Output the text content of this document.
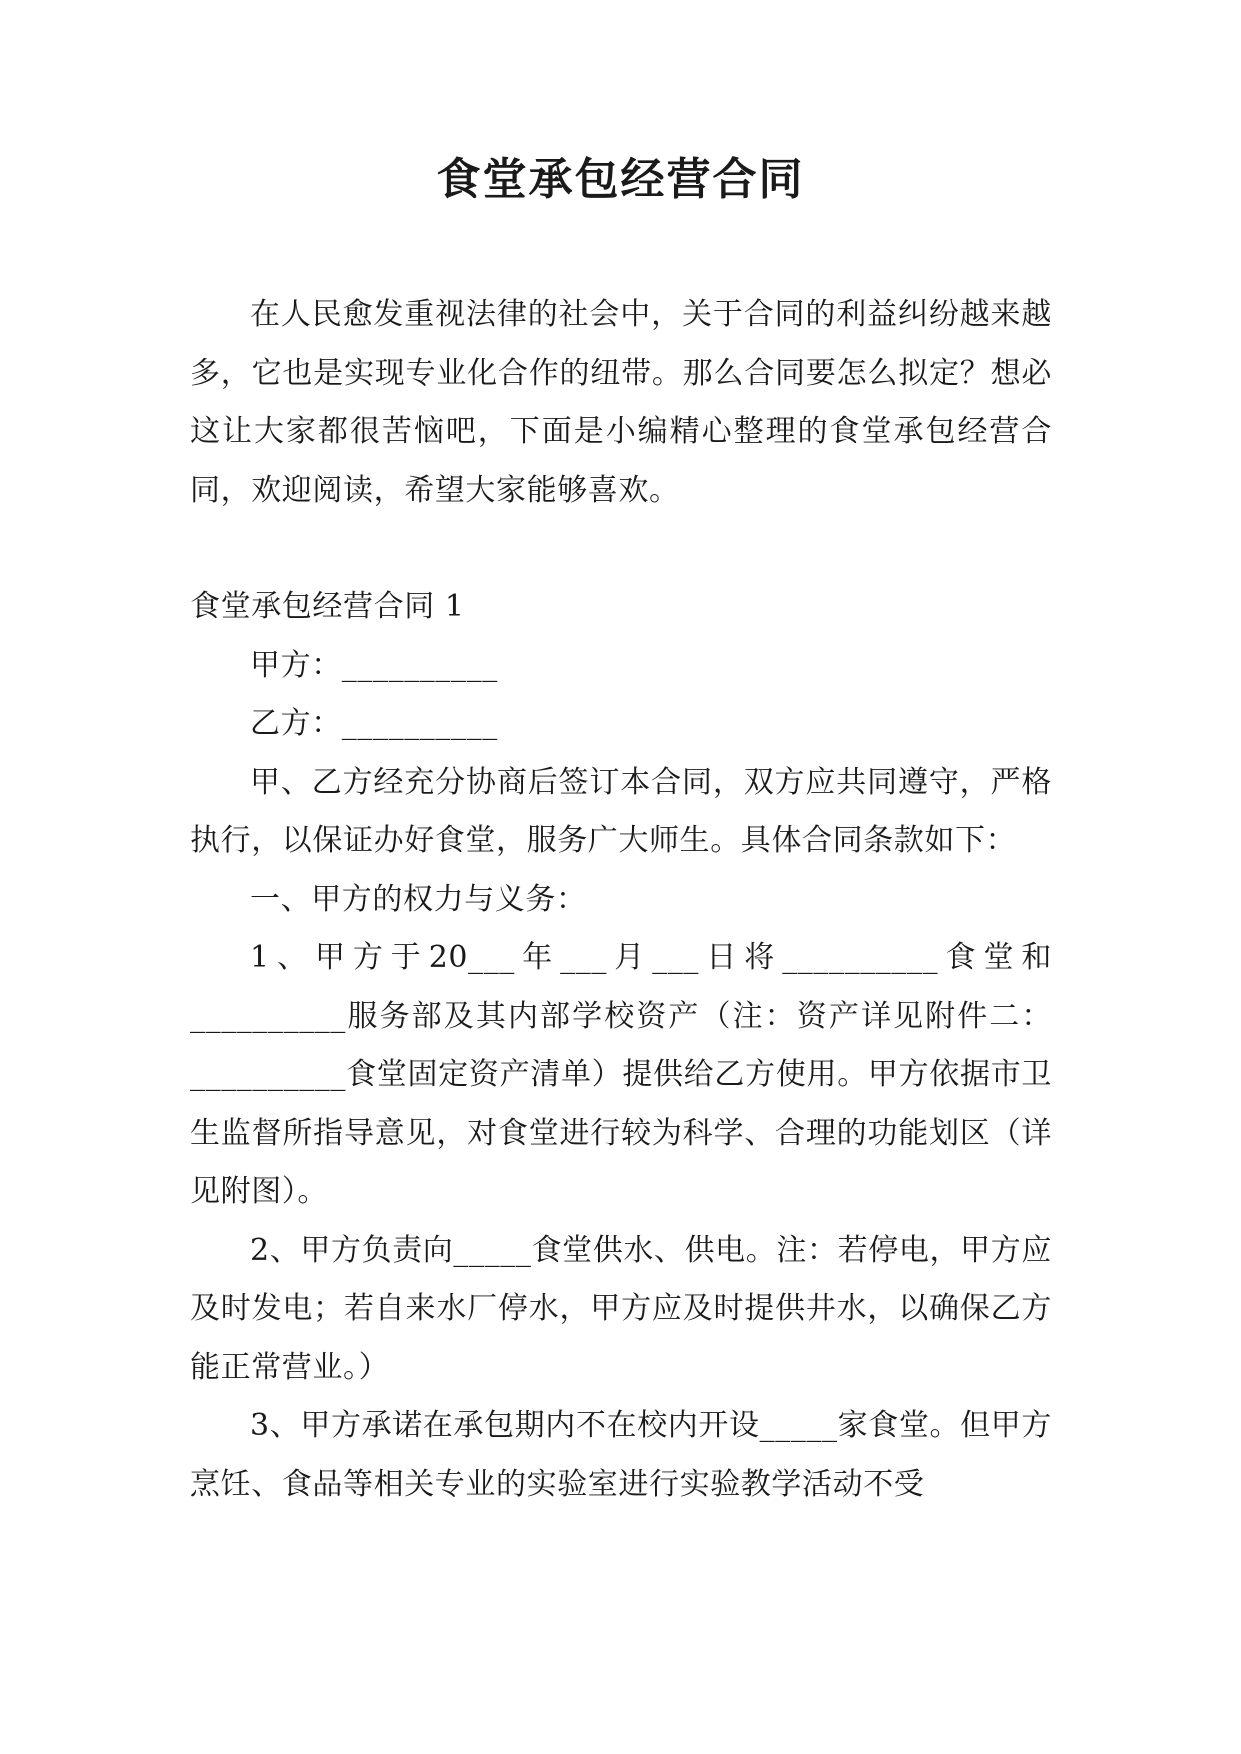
食堂承包经营合同

在人民愈发重视法律的社会中，关于合同的利益纠纷越来越多，它也是实现专业化合作的纽带。那么合同要怎么拟定？想必这让大家都很苦恼吧，下面是小编精心整理的食堂承包经营合同，欢迎阅读，希望大家能够喜欢。

食堂承包经营合同 1

甲方：__________

乙方：__________

甲、乙方经充分协商后签订本合同，双方应共同遵守，严格执行，以保证办好食堂，服务广大师生。具体合同条款如下：

一、甲方的权力与义务：

1、甲方于20___年___月___日将__________食堂和__________服务部及其内部学校资产（注：资产详见附件二：__________食堂固定资产清单）提供给乙方使用。甲方依据市卫生监督所指导意见，对食堂进行较为科学、合理的功能划区（详见附图）。

2、甲方负责向_____食堂供水、供电。注：若停电，甲方应及时发电；若自来水厂停水，甲方应及时提供井水，以确保乙方能正常营业。）

3、甲方承诺在承包期内不在校内开设_____家食堂。但甲方烹饪、食品等相关专业的实验室进行实验教学活动不受
